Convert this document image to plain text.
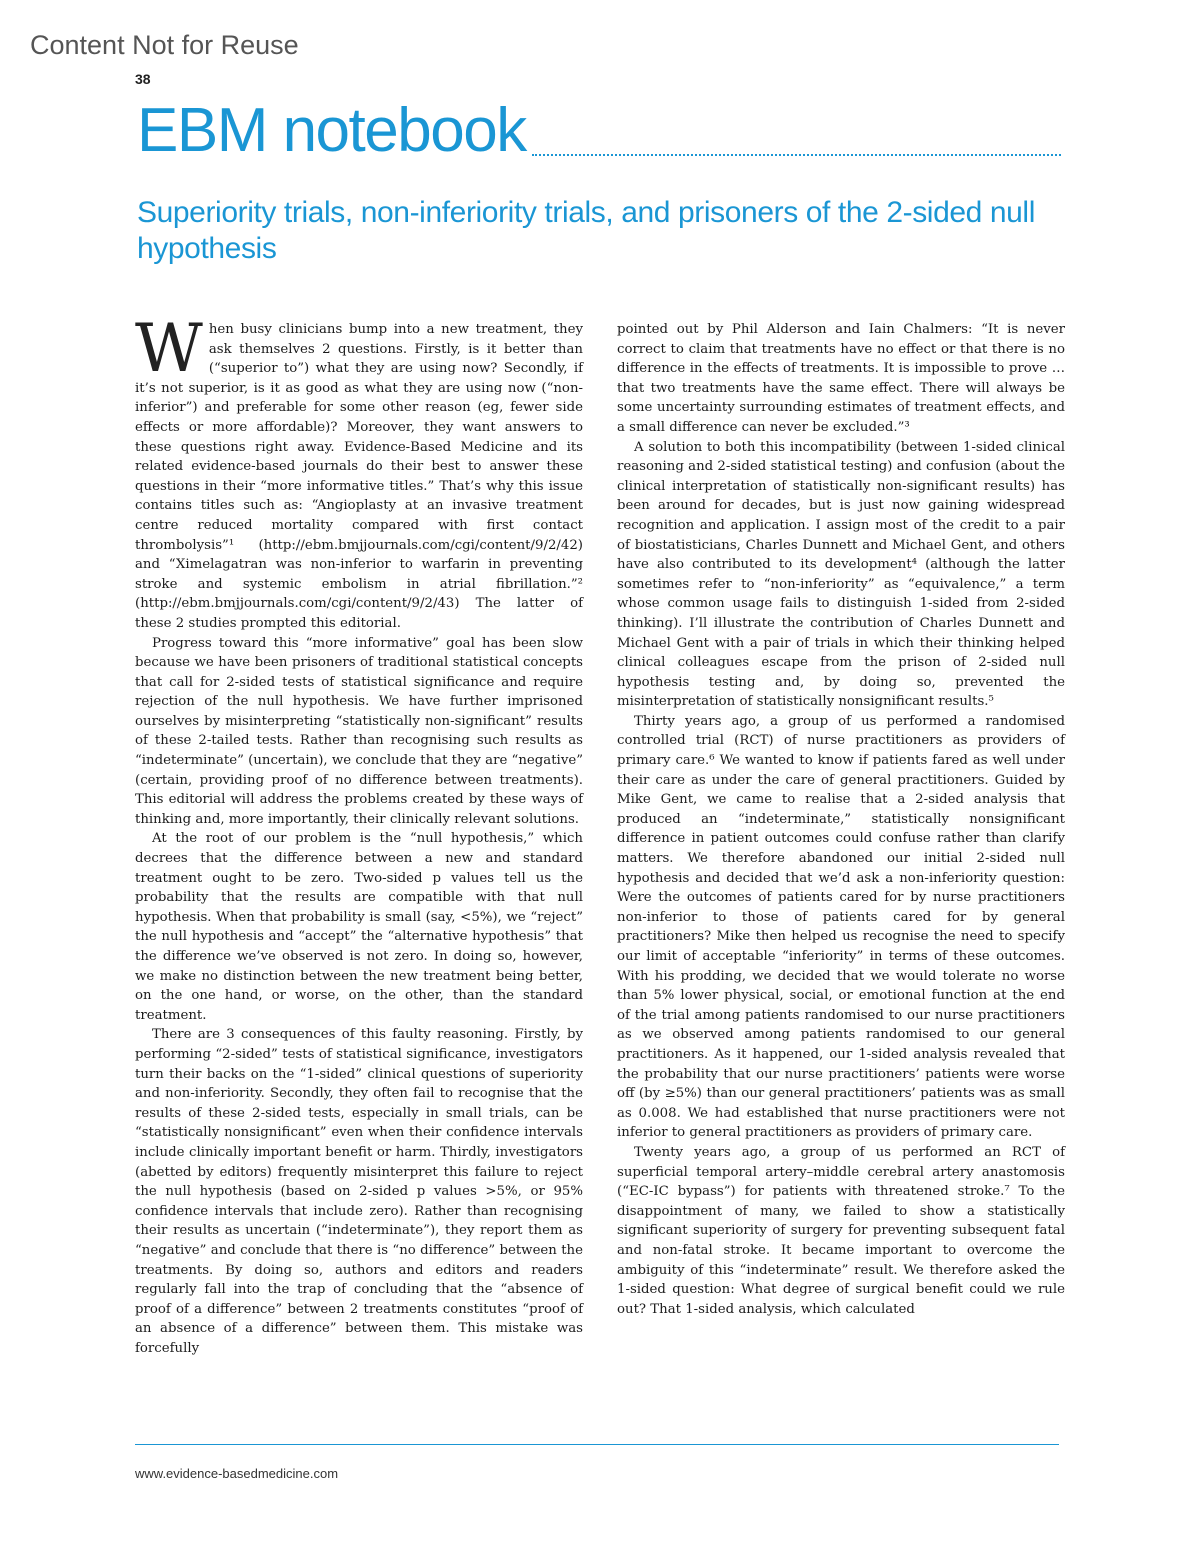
Content Not for Reuse
38
EBM notebook
Superiority trials, non-inferiority trials, and prisoners of the 2-sided null hypothesis
W hen busy clinicians bump into a new treatment, they ask themselves 2 questions. Firstly, is it better than (“superior to”) what they are using now? Secondly, if it’s not superior, is it as good as what they are using now (“non-inferior”) and preferable for some other reason (eg, fewer side effects or more affordable)? Moreover, they want answers to these questions right away. Evidence-Based Medicine and its related evidence-based journals do their best to answer these questions in their “more informative titles.” That’s why this issue contains titles such as: “Angioplasty at an invasive treatment centre reduced mortality compared with first contact thrombolysis”¹ (http://ebm.bmjjournals.com/cgi/content/9/2/42) and “Ximelagatran was non-inferior to warfarin in preventing stroke and systemic embolism in atrial fibrillation.”² (http://ebm.bmjjournals.com/cgi/content/9/2/43) The latter of these 2 studies prompted this editorial.

Progress toward this “more informative” goal has been slow because we have been prisoners of traditional statistical concepts that call for 2-sided tests of statistical significance and require rejection of the null hypothesis. We have further imprisoned ourselves by misinterpreting “statistically non-significant” results of these 2-tailed tests. Rather than recognising such results as “indeterminate” (uncertain), we conclude that they are “negative” (certain, providing proof of no difference between treatments). This editorial will address the problems created by these ways of thinking and, more importantly, their clinically relevant solutions.

At the root of our problem is the “null hypothesis,” which decrees that the difference between a new and standard treatment ought to be zero. Two-sided p values tell us the probability that the results are compatible with that null hypothesis. When that probability is small (say, <5%), we “reject” the null hypothesis and “accept” the “alternative hypothesis” that the difference we’ve observed is not zero. In doing so, however, we make no distinction between the new treatment being better, on the one hand, or worse, on the other, than the standard treatment.

There are 3 consequences of this faulty reasoning. Firstly, by performing “2-sided” tests of statistical significance, investigators turn their backs on the “1-sided” clinical questions of superiority and non-inferiority. Secondly, they often fail to recognise that the results of these 2-sided tests, especially in small trials, can be “statistically nonsignificant” even when their confidence intervals include clinically important benefit or harm. Thirdly, investigators (abetted by editors) frequently misinterpret this failure to reject the null hypothesis (based on 2-sided p values >5%, or 95% confidence intervals that include zero). Rather than recognising their results as uncertain (“indeterminate”), they report them as “negative” and conclude that there is “no difference” between the treatments. By doing so, authors and editors and readers regularly fall into the trap of concluding that the “absence of proof of a difference” between 2 treatments constitutes “proof of an absence of a difference” between them. This mistake was forcefully

pointed out by Phil Alderson and Iain Chalmers: “It is never correct to claim that treatments have no effect or that there is no difference in the effects of treatments. It is impossible to prove … that two treatments have the same effect. There will always be some uncertainty surrounding estimates of treatment effects, and a small difference can never be excluded.”³

A solution to both this incompatibility (between 1-sided clinical reasoning and 2-sided statistical testing) and confusion (about the clinical interpretation of statistically non-significant results) has been around for decades, but is just now gaining widespread recognition and application. I assign most of the credit to a pair of biostatisticians, Charles Dunnett and Michael Gent, and others have also contributed to its development⁴ (although the latter sometimes refer to “non-inferiority” as “equivalence,” a term whose common usage fails to distinguish 1-sided from 2-sided thinking). I’ll illustrate the contribution of Charles Dunnett and Michael Gent with a pair of trials in which their thinking helped clinical colleagues escape from the prison of 2-sided null hypothesis testing and, by doing so, prevented the misinterpretation of statistically nonsignificant results.⁵

Thirty years ago, a group of us performed a randomised controlled trial (RCT) of nurse practitioners as providers of primary care.⁶ We wanted to know if patients fared as well under their care as under the care of general practitioners. Guided by Mike Gent, we came to realise that a 2-sided analysis that produced an “indeterminate,” statistically nonsignificant difference in patient outcomes could confuse rather than clarify matters. We therefore abandoned our initial 2-sided null hypothesis and decided that we’d ask a non-inferiority question: Were the outcomes of patients cared for by nurse practitioners non-inferior to those of patients cared for by general practitioners? Mike then helped us recognise the need to specify our limit of acceptable “inferiority” in terms of these outcomes. With his prodding, we decided that we would tolerate no worse than 5% lower physical, social, or emotional function at the end of the trial among patients randomised to our nurse practitioners as we observed among patients randomised to our general practitioners. As it happened, our 1-sided analysis revealed that the probability that our nurse practitioners’ patients were worse off (by ≥5%) than our general practitioners’ patients was as small as 0.008. We had established that nurse practitioners were not inferior to general practitioners as providers of primary care.

Twenty years ago, a group of us performed an RCT of superficial temporal artery–middle cerebral artery anastomosis (“EC-IC bypass”) for patients with threatened stroke.⁷ To the disappointment of many, we failed to show a statistically significant superiority of surgery for preventing subsequent fatal and non-fatal stroke. It became important to overcome the ambiguity of this “indeterminate” result. We therefore asked the 1-sided question: What degree of surgical benefit could we rule out? That 1-sided analysis, which calculated

www.evidence-basedmedicine.com
